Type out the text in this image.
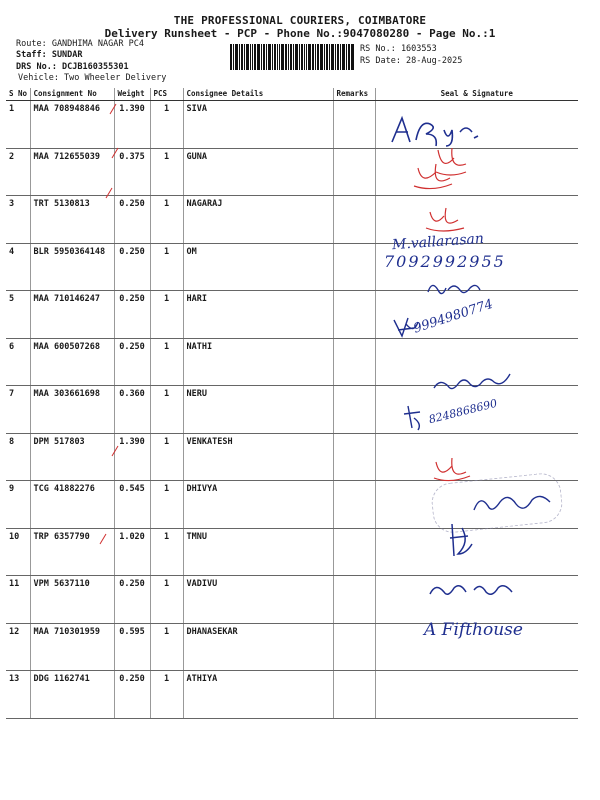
THE PROFESSIONAL COURIERS, COIMBATORE
Delivery Runsheet - PCP - Phone No.:9047080280 - Page No.:1
Route: GANDHIMA NAGAR PC4
Staff: SUNDAR
DRS No.: DCJB160355301
Vehicle: Two Wheeler Delivery
RS No.: 1603553
RS Date: 28-Aug-2025
S No	Consignment No	Weight	PCS	Consignee Details	Remarks	Seal & Signature
1	MAA 708948846	1.390	1	SIVA		
2	MAA 712655039	0.375	1	GUNA		
3	TRT 5130813	0.250	1	NAGARAJ		
4	BLR 5950364148	0.250	1	OM		
5	MAA 710146247	0.250	1	HARI		
6	MAA 600507268	0.250	1	NATHI		
7	MAA 303661698	0.360	1	NERU		
8	DPM 517803	1.390	1	VENKATESH		
9	TCG 41882276	0.545	1	DHIVYA		
10	TRP 6357790	1.020	1	TMNU		
11	VPM 5637110	0.250	1	VADIVU		
12	MAA 710301959	0.595	1	DHANASEKAR		
13	DDG 1162741	0.250	1	ATHIYA		
M.vallarasan
7092992955
9994980774
8248868690
A Fifthouse
